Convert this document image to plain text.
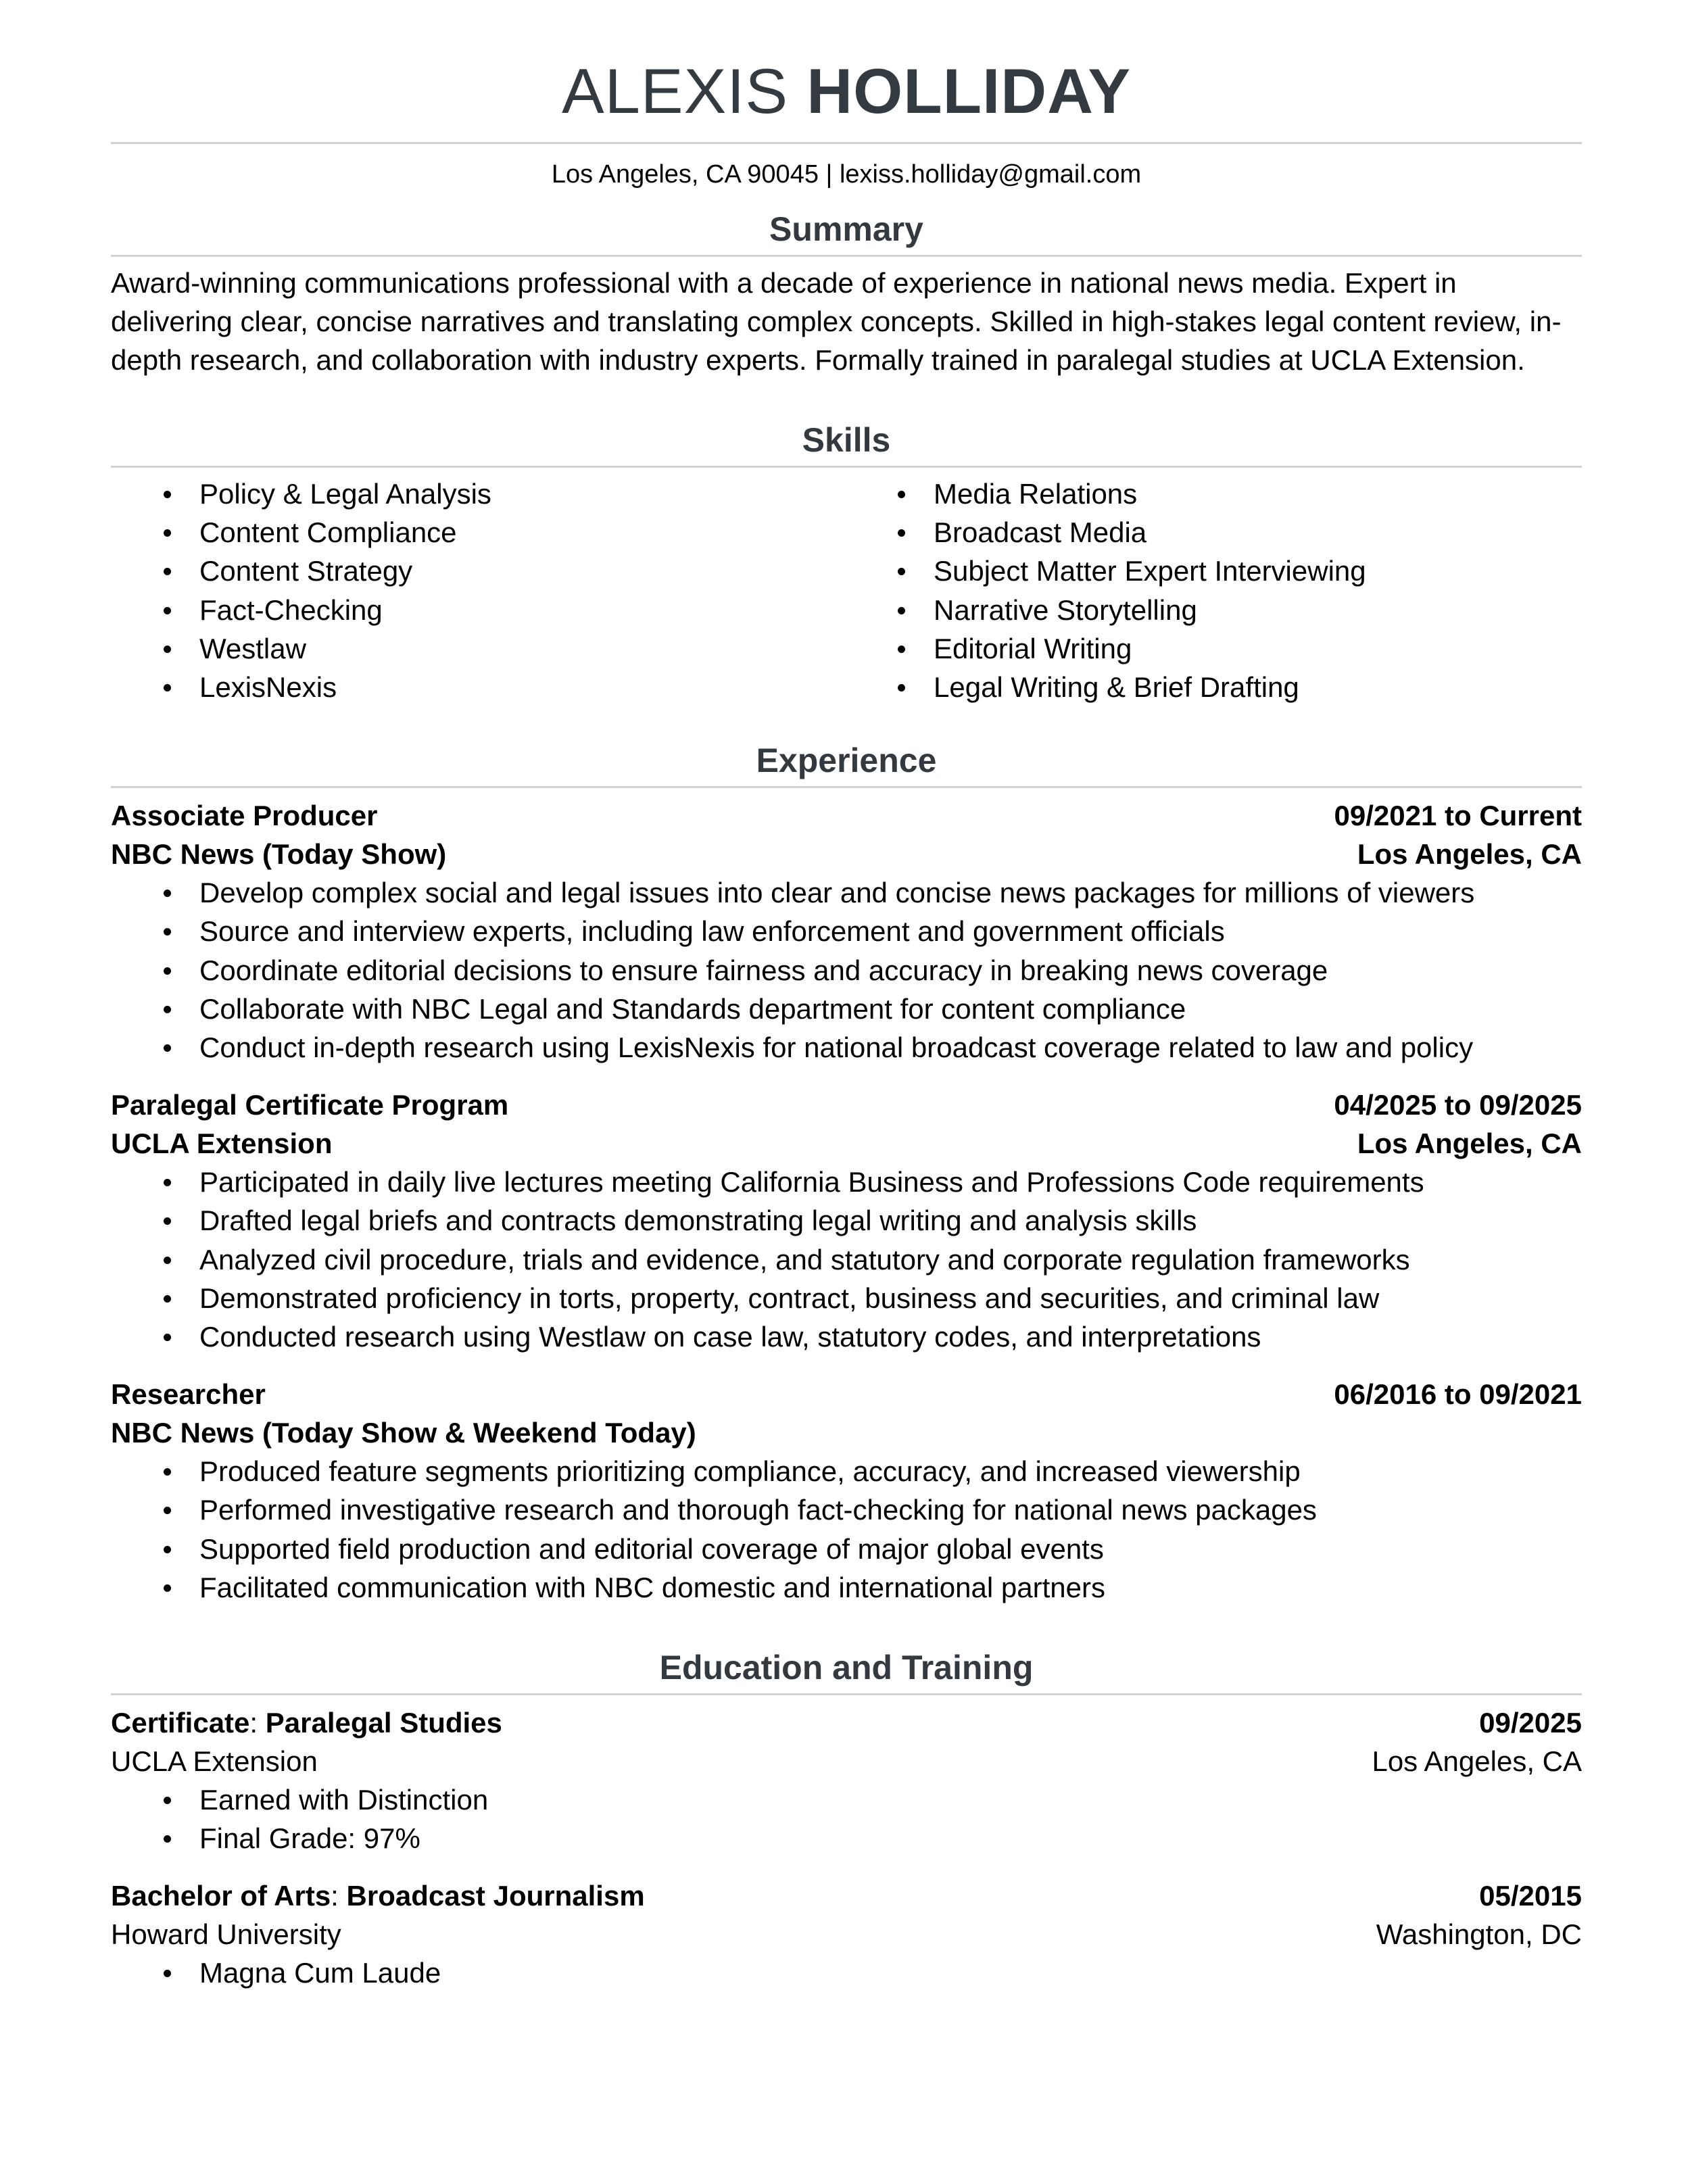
ALEXIS HOLLIDAY
Los Angeles, CA 90045 | lexiss.holliday@gmail.com
Summary
Award-winning communications professional with a decade of experience in national news media. Expert in delivering clear, concise narratives and translating complex concepts. Skilled in high-stakes legal content review, in-depth research, and collaboration with industry experts. Formally trained in paralegal studies at UCLA Extension.
Skills
Policy & Legal Analysis
Content Compliance
Content Strategy
Fact-Checking
Westlaw
LexisNexis
Media Relations
Broadcast Media
Subject Matter Expert Interviewing
Narrative Storytelling
Editorial Writing
Legal Writing & Brief Drafting
Experience
Associate Producer	09/2021 to Current
NBC News (Today Show)	Los Angeles, CA
Develop complex social and legal issues into clear and concise news packages for millions of viewers
Source and interview experts, including law enforcement and government officials
Coordinate editorial decisions to ensure fairness and accuracy in breaking news coverage
Collaborate with NBC Legal and Standards department for content compliance
Conduct in-depth research using LexisNexis for national broadcast coverage related to law and policy
Paralegal Certificate Program	04/2025 to 09/2025
UCLA Extension	Los Angeles, CA
Participated in daily live lectures meeting California Business and Professions Code requirements
Drafted legal briefs and contracts demonstrating legal writing and analysis skills
Analyzed civil procedure, trials and evidence, and statutory and corporate regulation frameworks
Demonstrated proficiency in torts, property, contract, business and securities, and criminal law
Conducted research using Westlaw on case law, statutory codes, and interpretations
Researcher	06/2016 to 09/2021
NBC News (Today Show & Weekend Today)
Produced feature segments prioritizing compliance, accuracy, and increased viewership
Performed investigative research and thorough fact-checking for national news packages
Supported field production and editorial coverage of major global events
Facilitated communication with NBC domestic and international partners
Education and Training
Certificate: Paralegal Studies	09/2025
UCLA Extension	Los Angeles, CA
Earned with Distinction
Final Grade: 97%
Bachelor of Arts: Broadcast Journalism	05/2015
Howard University	Washington, DC
Magna Cum Laude
